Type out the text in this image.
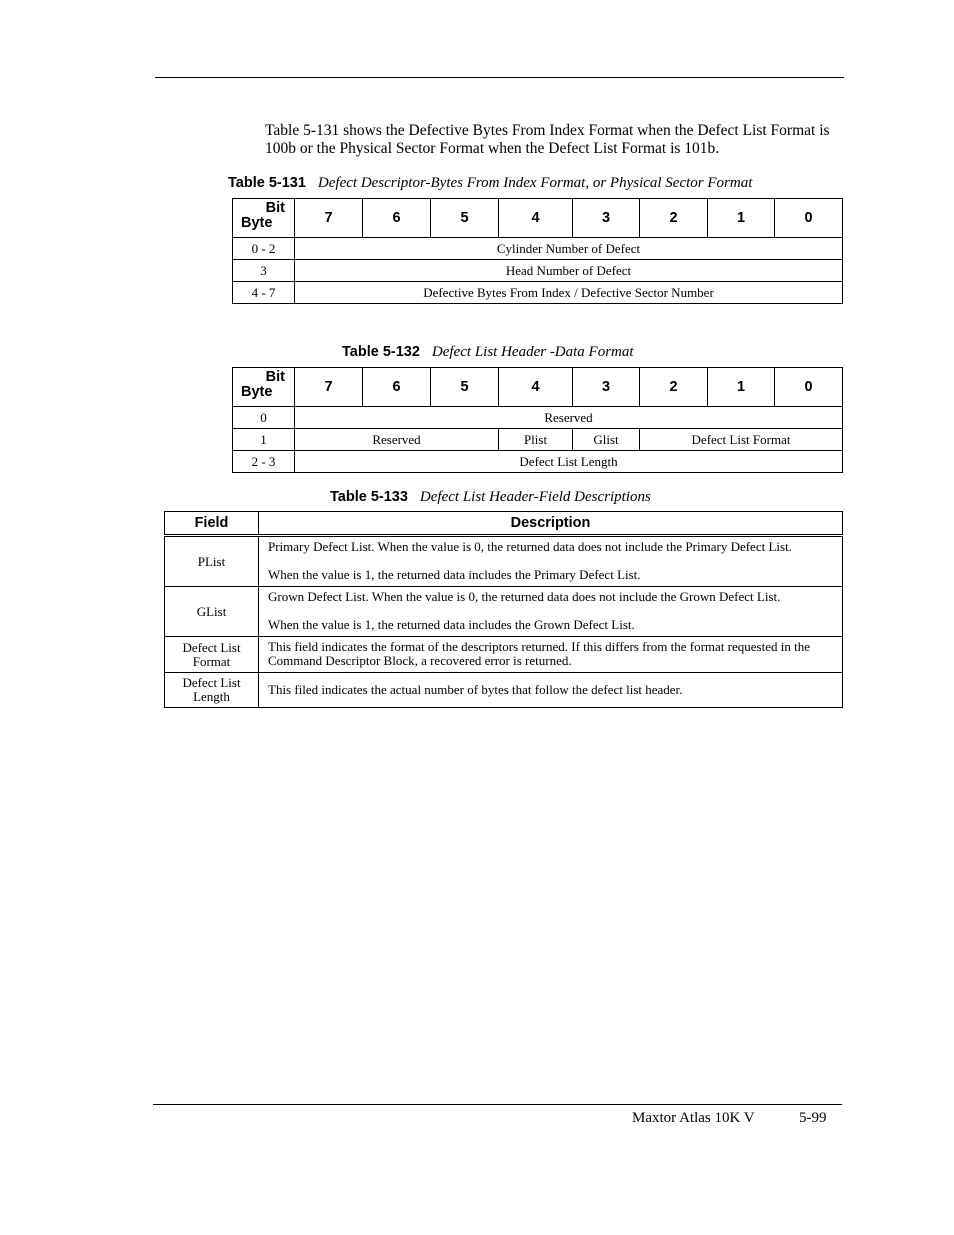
Table 5-131 shows the Defective Bytes From Index Format when the Defect List Format is 100b or the Physical Sector Format when the Defect List Format is 101b.
Table 5-131 Defect Descriptor-Bytes From Index Format, or Physical Sector Format
Bit
Byte	7	6	5	4	3	2	1	0
0 - 2	Cylinder Number of Defect							
3	Head Number of Defect							
4 - 7	Defective Bytes From Index / Defective Sector Number							
Table 5-132 Defect List Header -Data Format
Bit
Byte	7	6	5	4	3	2	1	0
0	Reserved							
1	Reserved			Plist	Glist	Defect List Format		
2 - 3	Defect List Length							
Table 5-133 Defect List Header-Field Descriptions
Field	Description
PList	Primary Defect List. When the value is 0, the returned data does not include the Primary Defect List.
When the value is 1, the returned data includes the Primary Defect List.

GList	Grown Defect List. When the value is 0, the returned data does not include the Grown Defect List.
When the value is 1, the returned data includes the Grown Defect List.

Defect List
Format	This field indicates the format of the descriptors returned. If this differs from the format requested in the Command Descriptor Block, a recovered error is returned.

Defect List
Length	This filed indicates the actual number of bytes that follow the defect list header.
Maxtor Atlas 10K V	5-99
